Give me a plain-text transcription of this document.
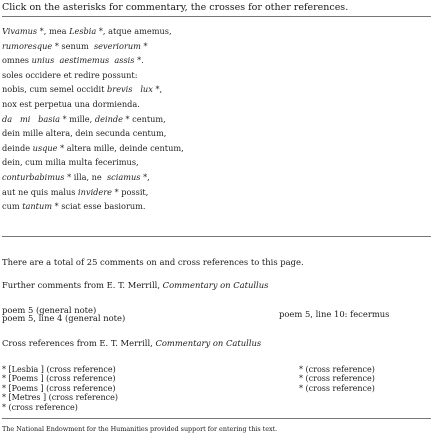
Click on the asterisks for commentary, the crosses for other references.
Vivamus *, mea Lesbia *, atque amemus,
rumoresque * senum  severiorum *
omnes unius aestimemus assis *.
soles occidere et redire possunt:
nobis, cum semel occidit brevis lux *,
nox est perpetua una dormienda.
da mi basia * mille, deinde * centum,
dein mille altera, dein secunda centum,
deinde usque * altera mille, deinde centum,
dein, cum milia multa fecerimus,
conturbabimus * illa, ne  sciamus *,
aut ne quis malus invidere * possit,
cum tantum * sciat esse basiorum.
There are a total of 25 comments on and cross references to this page.
Further comments from E. T. Merrill, Commentary on Catullus
poem 5 (general note)
poem 5, line 4 (general note)	poem 5, line 10: fecermus
Cross references from E. T. Merrill, Commentary on Catullus
* [Lesbia ] (cross reference)
* [Poems ] (cross reference)
* [Poems ] (cross reference)
* [Metres ] (cross reference)
* (cross reference)
* (cross reference)
* (cross reference)
* (cross reference)
The National Endowment for the Humanities provided support for entering this text.
